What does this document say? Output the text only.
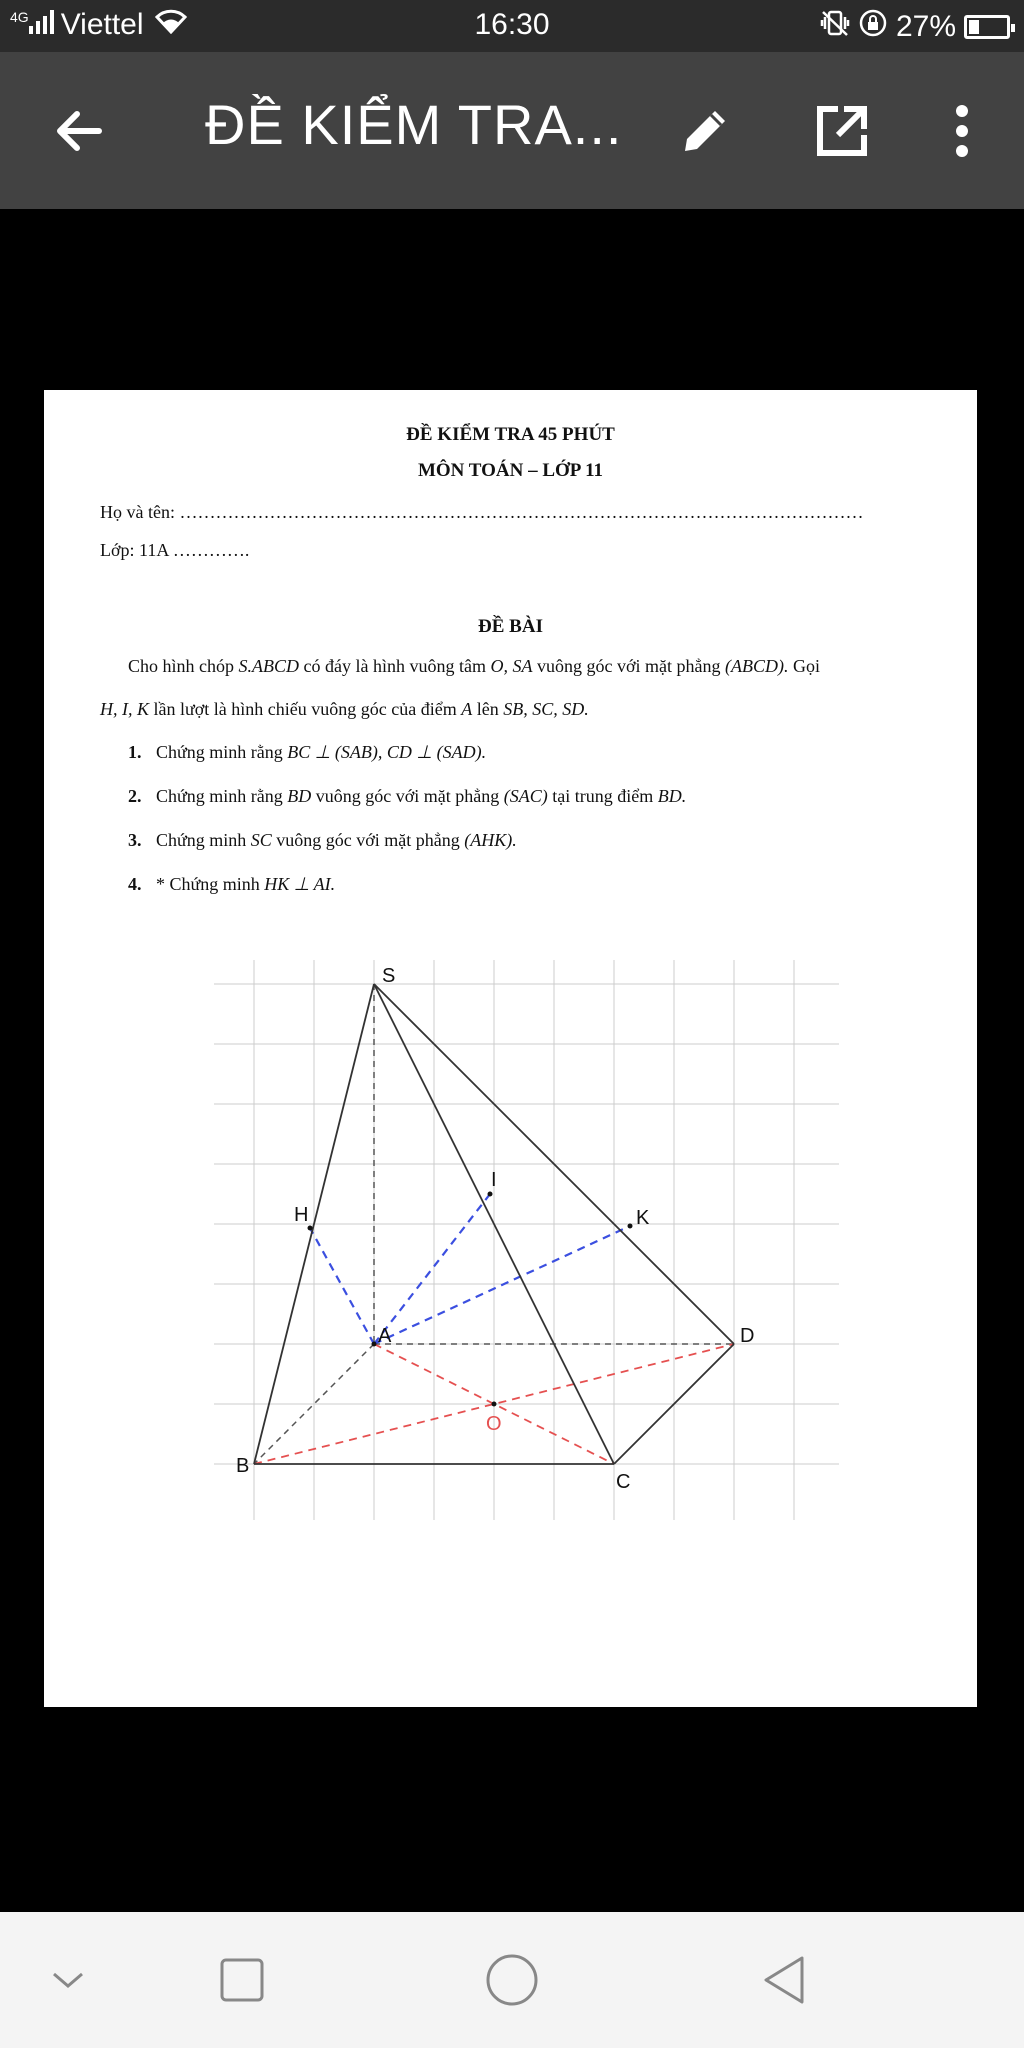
4G Viettel	16:30	27%
ĐỀ KIỂM TRA...
ĐỀ KIỂM TRA 45 PHÚT
MÔN TOÁN – LỚP 11
Họ và tên: ……………………………………………………………………………………………………
Lớp: 11A ………….
ĐỀ BÀI
Cho hình chóp S.ABCD có đáy là hình vuông tâm O, SA vuông góc với mặt phẳng (ABCD). Gọi
H, I, K lần lượt là hình chiếu vuông góc của điểm A lên SB, SC, SD.
1. Chứng minh rằng BC ⊥ (SAB), CD ⊥ (SAD).
2. Chứng minh rằng BD vuông góc với mặt phẳng (SAC) tại trung điểm BD.
3. Chứng minh SC vuông góc với mặt phẳng (AHK).
4. * Chứng minh HK ⊥ AI.
S
H
I
K
A	D
O
B
C
